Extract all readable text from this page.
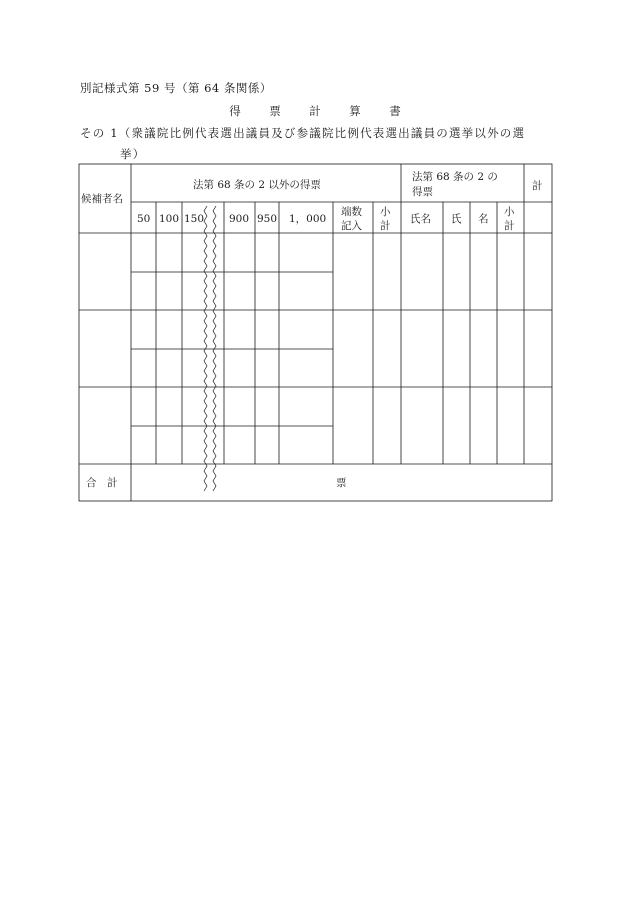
別記様式第 59 号（第 64 条関係）
得 票 計 算 書
その 1（衆議院比例代表選出議員及び参議院比例代表選出議員の選挙以外の選
挙）
候補者名
法第 68 条の 2 以外の得票
法第 68 条の 2 の
得票	計
50 100 150 900 950 1，000
端数
記入
小
計
氏名 氏 名
小
計
合　計	票
